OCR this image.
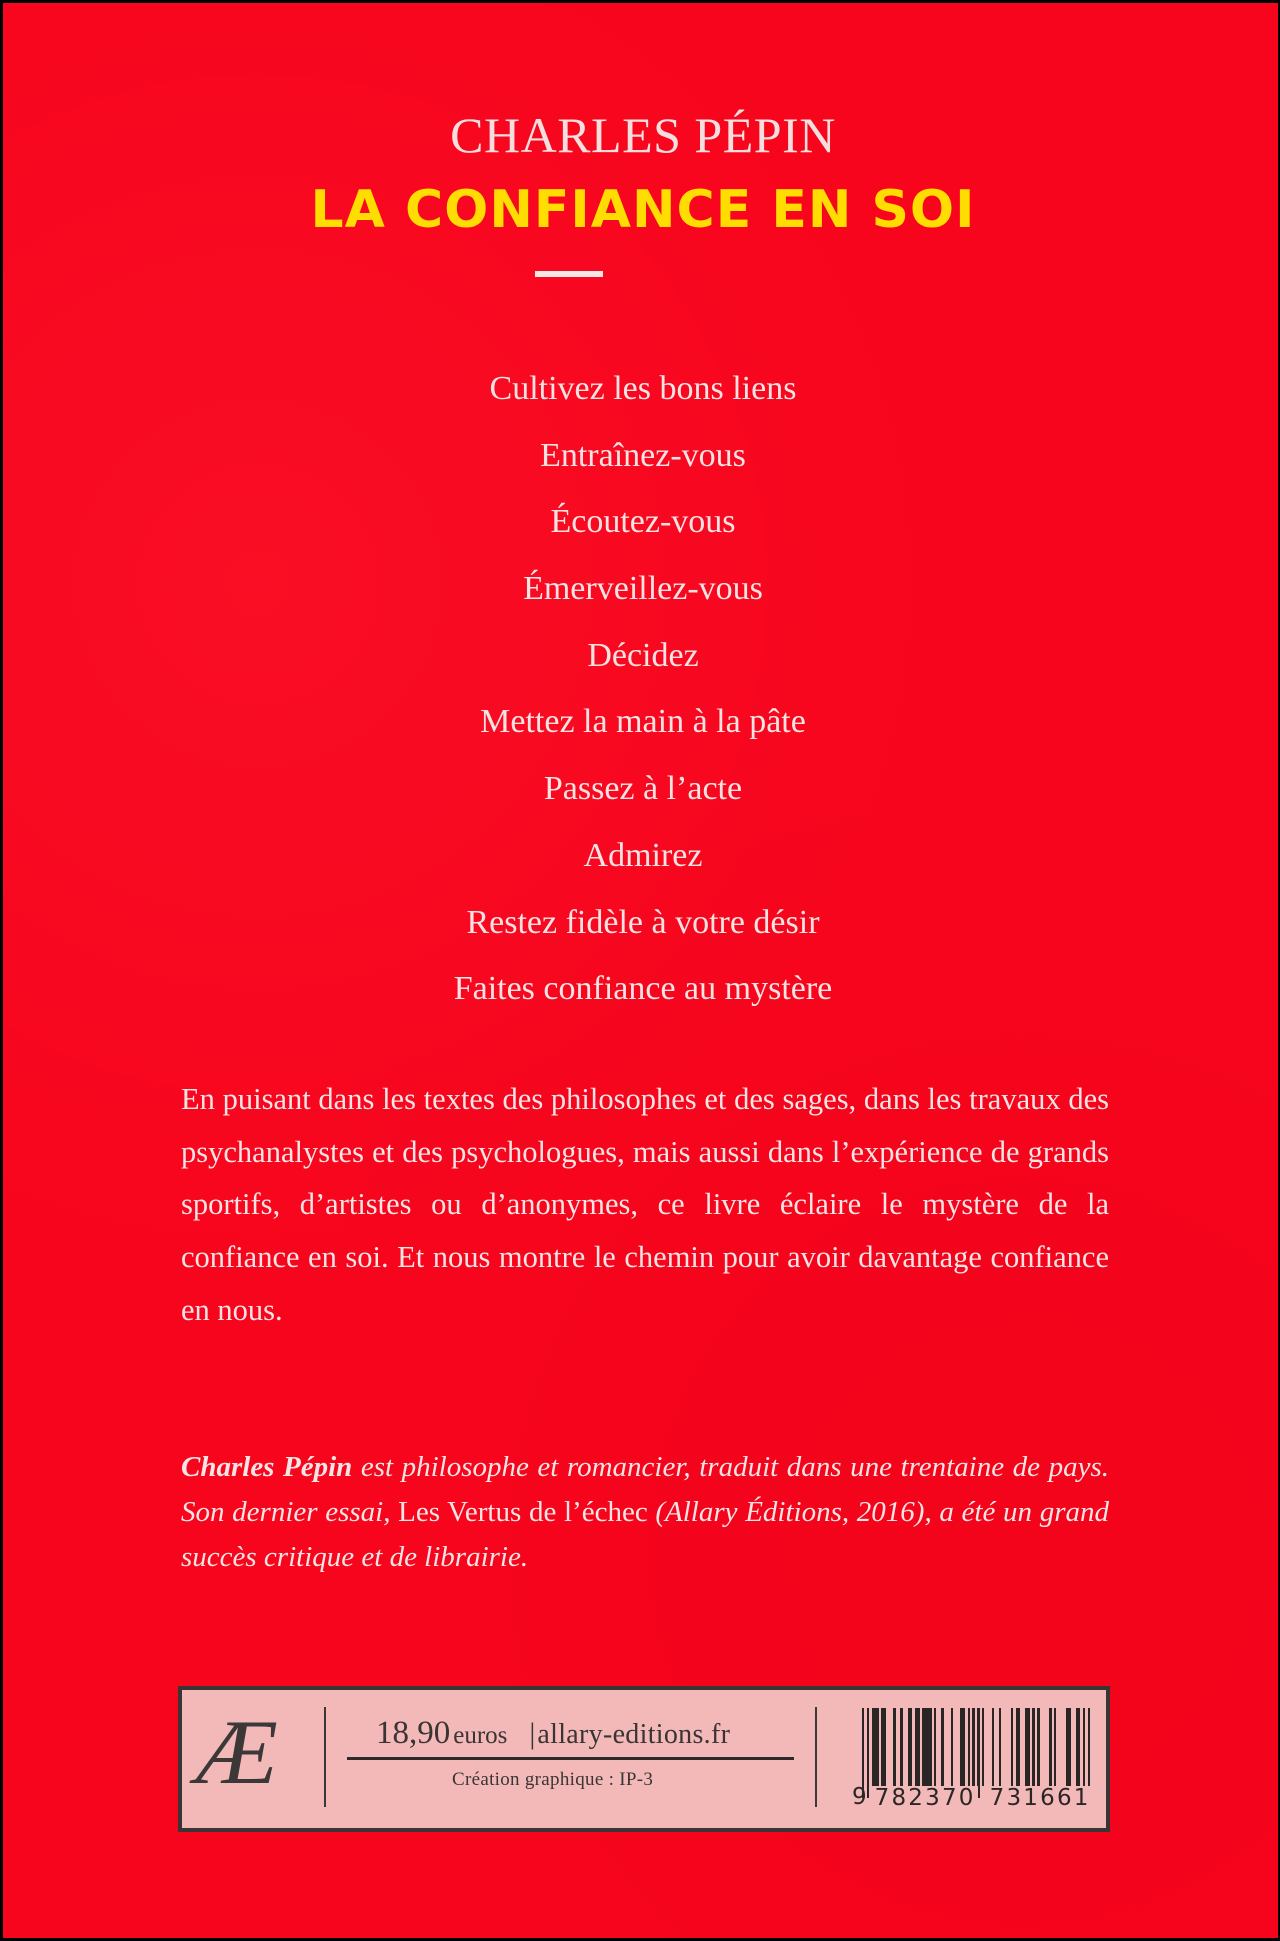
CHARLES PÉPIN
LA CONFIANCE EN SOI
Cultivez les bons liens
Entraînez-vous
Écoutez-vous
Émerveillez-vous
Décidez
Mettez la main à la pâte
Passez à l’acte
Admirez
Restez fidèle à votre désir
Faites confiance au mystère

En puisant dans les textes des philosophes et des sages, dans les travaux des psychanalystes et des psychologues, mais aussi dans l’expérience de grands sportifs, d’artistes ou d’anonymes, ce livre éclaire le mystère de la confiance en soi. Et nous montre le chemin pour avoir davantage confiance en nous.

Charles Pépin est philosophe et romancier, traduit dans une trentaine de pays. Son dernier essai, Les Vertus de l’échec (Allary Éditions, 2016), a été un grand succès critique et de librairie.

Æ	18,90 euros |allary-editions.fr
Création graphique : IP-3
9 782370 731661
